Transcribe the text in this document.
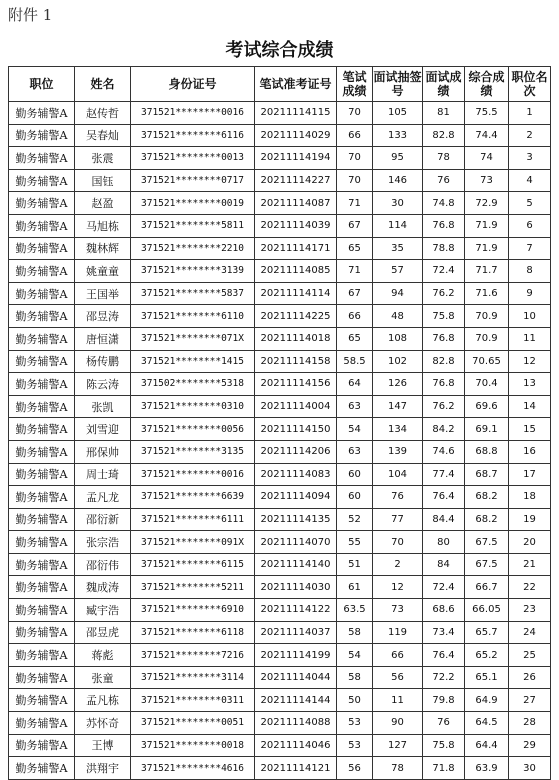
附件 1
考试综合成绩
职位	姓名	身份证号	笔试准考证号	笔试成绩	面试抽签号	面试成绩	综合成绩	职位名次
勤务辅警A	赵传哲	371521********0016	20211114115	70	105	81	75.5	1
勤务辅警A	吴春灿	371521********6116	20211114029	66	133	82.8	74.4	2
勤务辅警A	张震	371521********0013	20211114194	70	95	78	74	3
勤务辅警A	国钰	371521********0717	20211114227	70	146	76	73	4
勤务辅警A	赵盈	371521********0019	20211114087	71	30	74.8	72.9	5
勤务辅警A	马旭栋	371521********5811	20211114039	67	114	76.8	71.9	6
勤务辅警A	魏林辉	371521********2210	20211114171	65	35	78.8	71.9	7
勤务辅警A	姚童童	371521********3139	20211114085	71	57	72.4	71.7	8
勤务辅警A	王国举	371521********5837	20211114114	67	94	76.2	71.6	9
勤务辅警A	邵昱涛	371521********6110	20211114225	66	48	75.8	70.9	10
勤务辅警A	唐恒潇	371521********071X	20211114018	65	108	76.8	70.9	11
勤务辅警A	杨传鹏	371521********1415	20211114158	58.5	102	82.8	70.65	12
勤务辅警A	陈云涛	371502********5318	20211114156	64	126	76.8	70.4	13
勤务辅警A	张凯	371521********0310	20211114004	63	147	76.2	69.6	14
勤务辅警A	刘雪迎	371521********0056	20211114150	54	134	84.2	69.1	15
勤务辅警A	邢保帅	371521********3135	20211114206	63	139	74.6	68.8	16
勤务辅警A	周士琦	371521********0016	20211114083	60	104	77.4	68.7	17
勤务辅警A	孟凡龙	371521********6639	20211114094	60	76	76.4	68.2	18
勤务辅警A	邵衍新	371521********6111	20211114135	52	77	84.4	68.2	19
勤务辅警A	张宗浩	371521********091X	20211114070	55	70	80	67.5	20
勤务辅警A	邵衍伟	371521********6115	20211114140	51	2	84	67.5	21
勤务辅警A	魏成涛	371521********5211	20211114030	61	12	72.4	66.7	22
勤务辅警A	臧宇浩	371521********6910	20211114122	63.5	73	68.6	66.05	23
勤务辅警A	邵昱虎	371521********6118	20211114037	58	119	73.4	65.7	24
勤务辅警A	蒋彪	371521********7216	20211114199	54	66	76.4	65.2	25
勤务辅警A	张童	371521********3114	20211114044	58	56	72.2	65.1	26
勤务辅警A	孟凡栋	371521********0311	20211114144	50	11	79.8	64.9	27
勤务辅警A	苏怀奇	371521********0051	20211114088	53	90	76	64.5	28
勤务辅警A	王博	371521********0018	20211114046	53	127	75.8	64.4	29
勤务辅警A	洪翔宇	371521********4616	20211114121	56	78	71.8	63.9	30
